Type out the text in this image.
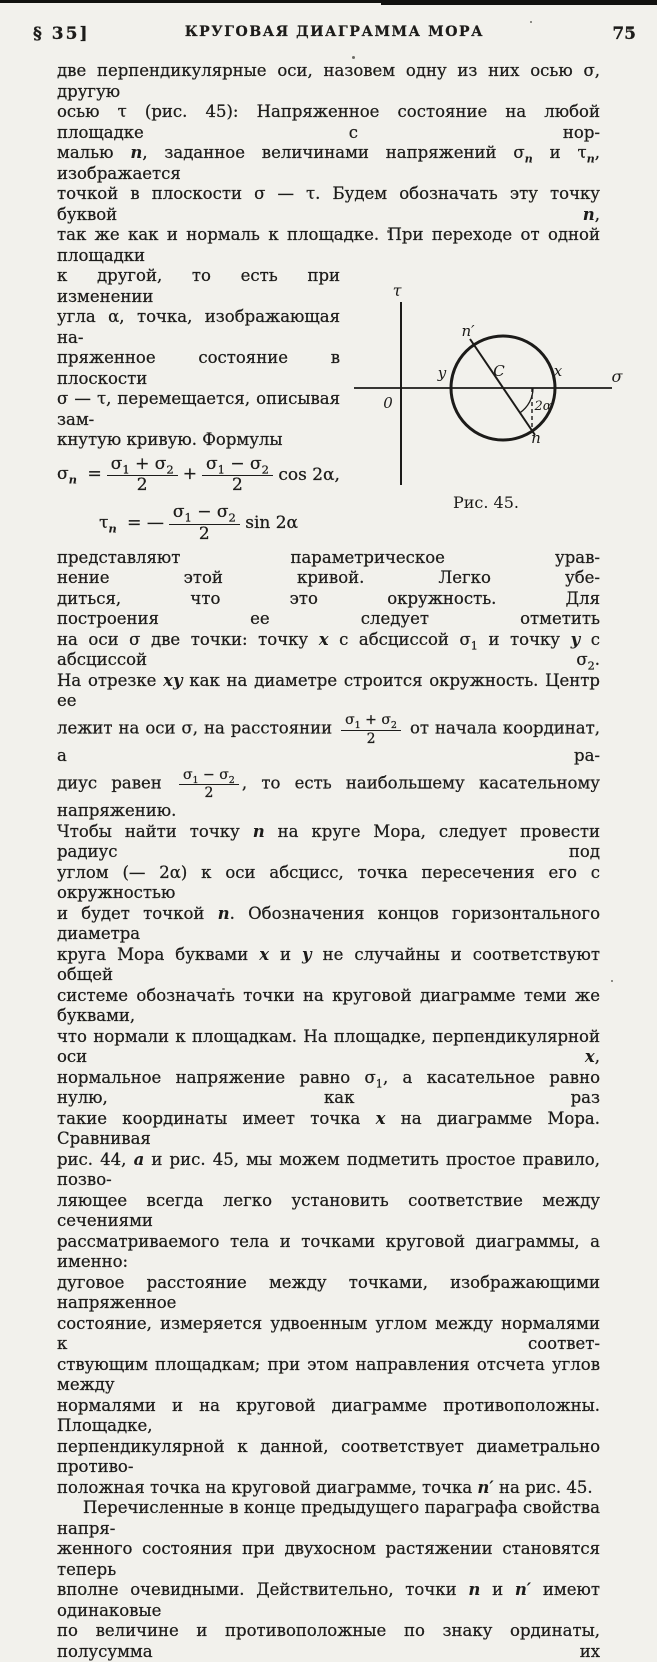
§ 35]	КРУГОВАЯ ДИАГРАММА МОРА	75
две перпендикулярные оси, назовем одну из них осью σ, другую
осью τ (рис. 45): Напряженное состояние на любой площадке с нор-
малью n, заданное величинами напряжений $\sigma_n$ и $\tau_n$, изображается
точкой в плоскости σ — τ. Будем обозначать эту точку буквой n,
так же как и нормаль к площадке. При переходе от одной площадки
τ
σ
0
y	C	x
n′
n
2α
Рис. 45.
к другой, то есть при изменении
угла α, точка, изображающая на-
пряженное состояние в плоскости
σ — τ, перемещается, описывая зам-
кнутую кривую. Формулы
$\sigma_n = \frac{\sigma_1 + \sigma_2}{2} + \frac{\sigma_1 - \sigma_2}{2}$ cos 2α,
$\tau_n$ = — $\frac{\sigma_1 - \sigma_2}{2}$ sin 2α
представляют параметрическое урав-
нение этой кривой. Легко убе-
диться, что это окружность. Для
построения ее следует отметить
на оси σ две точки: точку x с абсциссой $\sigma_1$ и точку y с абсциссой $\sigma_2$.
На отрезке xy как на диаметре строится окружность. Центр ее
лежит на оси σ, на расстоянии $\frac{\sigma_1 + \sigma_2}{2}$ от начала координат, а ра-
диус равен $\frac{\sigma_1 - \sigma_2}{2}$ , то есть наибольшему касательному напряжению.
Чтобы найти точку n на круге Мора, следует провести радиус под
углом (— 2α) к оси абсцисс, точка пересечения его с окружностью
и будет точкой n. Обозначения концов горизонтального диаметра
круга Мора буквами x и y не случайны и соответствуют общей
системе обозначать точки на круговой диаграмме теми же буквами,
что нормали к площадкам. На площадке, перпендикулярной оси x,
нормальное напряжение равно $\sigma_1$, а касательное равно нулю, как раз
такие координаты имеет точка x на диаграмме Мора. Сравнивая
рис. 44, а и рис. 45, мы можем подметить простое правило, позво-
ляющее всегда легко установить соответствие между сечениями
рассматриваемого тела и точками круговой диаграммы, а именно:
дуговое расстояние между точками, изображающими напряженное
состояние, измеряется удвоенным углом между нормалями к соответ-
ствующим площадкам; при этом направления отсчета углов между
нормалями и на круговой диаграмме противоположны. Площадке,
перпендикулярной к данной, соответствует диаметрально противо-
положная точка на круговой диаграмме, точка n′ на рис. 45.
Перечисленные в конце предыдущего параграфа свойства напря-
женного состояния при двухосном растяжении становятся теперь
вполне очевидными. Действительно, точки n и n′ имеют одинаковые
по величине и противоположные по знаку ординаты, полусумма их
